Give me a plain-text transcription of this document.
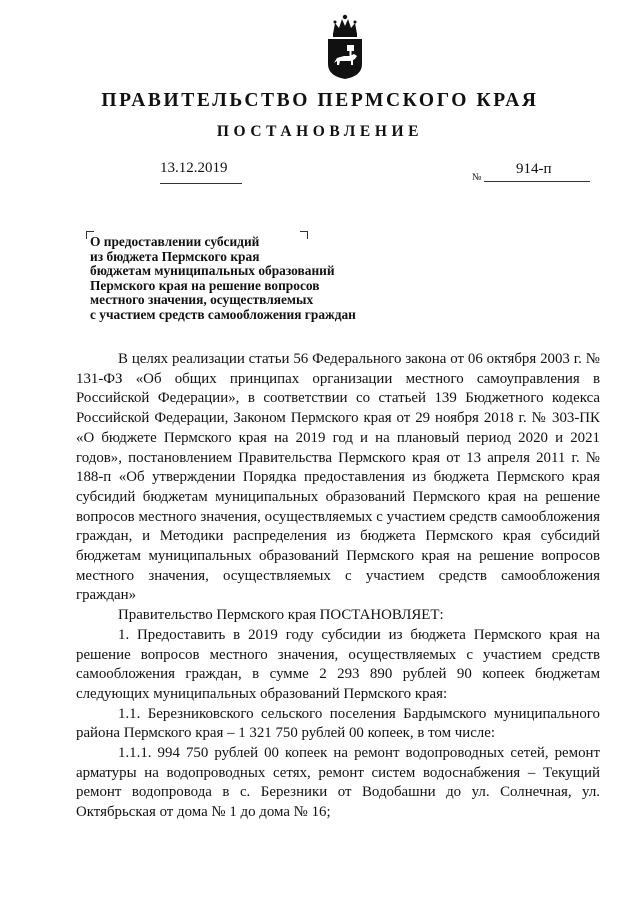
ПРАВИТЕЛЬСТВО ПЕРМСКОГО КРАЯ
ПОСТАНОВЛЕНИЕ
13.12.2019
№
914-п
О предоставлении субсидий
из бюджета Пермского края
бюджетам муниципальных образований
Пермского края на решение вопросов
местного значения, осуществляемых
с участием средств самообложения граждан

В целях реализации статьи 56 Федерального закона от 06 октября 2003 г. № 131-ФЗ «Об общих принципах организации местного самоуправления в Российской Федерации», в соответствии со статьей 139 Бюджетного кодекса Российской Федерации, Законом Пермского края от 29 ноября 2018 г. № 303-ПК «О бюджете Пермского края на 2019 год и на плановый период 2020 и 2021 годов», постановлением Правительства Пермского края от 13 апреля 2011 г. № 188-п «Об утверждении Порядка предоставления из бюджета Пермского края субсидий бюджетам муниципальных образований Пермского края на решение вопросов местного значения, осуществляемых с участием средств самообложения граждан, и Методики распределения из бюджета Пермского края субсидий бюджетам муниципальных образований Пермского края на решение вопросов местного значения, осуществляемых с участием средств самообложения граждан»

Правительство Пермского края ПОСТАНОВЛЯЕТ:

1. Предоставить в 2019 году субсидии из бюджета Пермского края на решение вопросов местного значения, осуществляемых с участием средств самообложения граждан, в сумме 2 293 890 рублей 90 копеек бюджетам следующих муниципальных образований Пермского края:

1.1. Березниковского сельского поселения Бардымского муниципального района Пермского края – 1 321 750 рублей 00 копеек, в том числе:

1.1.1. 994 750 рублей 00 копеек на ремонт водопроводных сетей, ремонт арматуры на водопроводных сетях, ремонт систем водоснабжения – Текущий ремонт водопровода в с. Березники от Водобашни до ул. Солнечная, ул. Октябрьская от дома № 1 до дома № 16;
